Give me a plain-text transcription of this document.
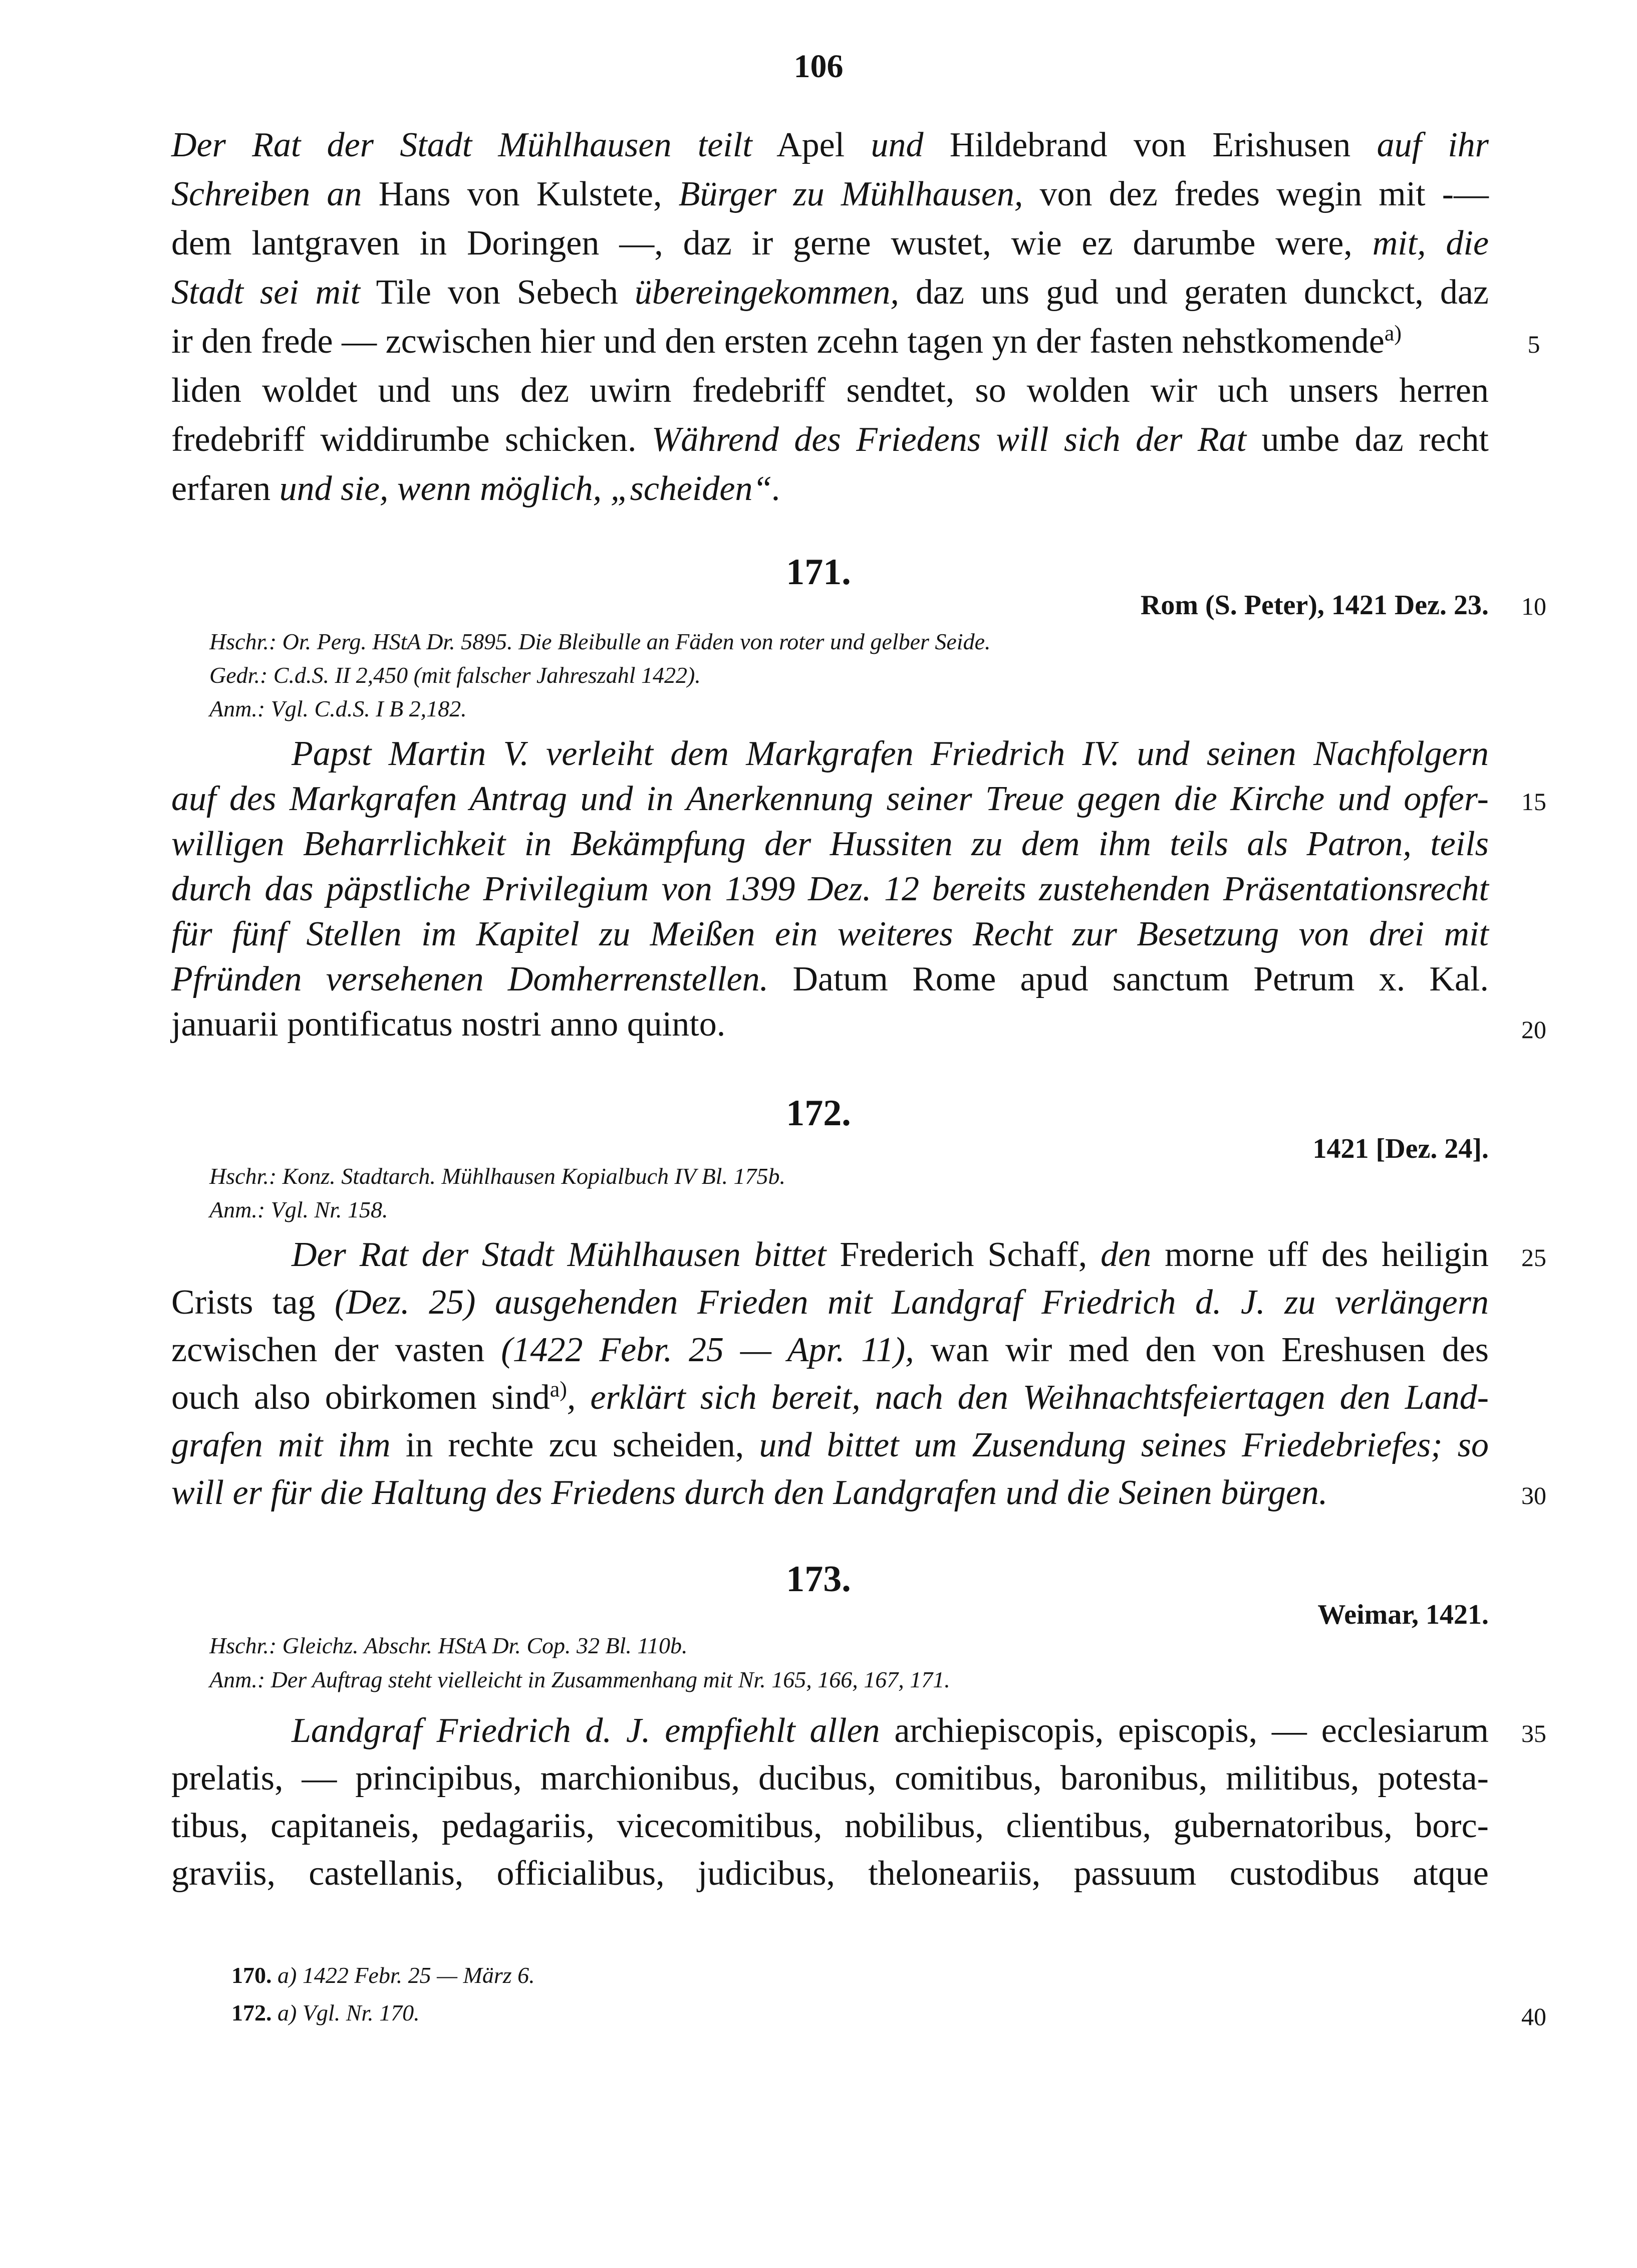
106
Der Rat der Stadt Mühlhausen teilt Apel und Hildebrand von Erishusen auf ihr
Schreiben an Hans von Kulstete, Bürger zu Mühlhausen, von dez fredes wegin mit -—
dem lantgraven in Doringen —, daz ir gerne wustet, wie ez darumbe were, mit, die
Stadt sei mit Tile von Sebech übereingekommen, daz uns gud und geraten dunckct, daz
ir den frede — zcwischen hier und den ersten zcehn tagen yn der fasten nehstkomende$^{a)}$	5
liden woldet und uns dez uwirn fredebriff sendtet, so wolden wir uch unsers herren
fredebriff widdirumbe schicken. Während des Friedens will sich der Rat umbe daz recht
erfaren und sie, wenn möglich, „scheiden“.
171.
Rom (S. Peter), 1421 Dez. 23.	10
Hschr.: Or. Perg. HStA Dr. 5895. Die Bleibulle an Fäden von roter und gelber Seide.
Gedr.: C.d.S. II 2,450 (mit falscher Jahreszahl 1422).
Anm.: Vgl. C.d.S. I B 2,182.
Papst Martin V. verleiht dem Markgrafen Friedrich IV. und seinen Nachfolgern
auf des Markgrafen Antrag und in Anerkennung seiner Treue gegen die Kirche und opfer-	15
willigen Beharrlichkeit in Bekämpfung der Hussiten zu dem ihm teils als Patron, teils
durch das päpstliche Privilegium von 1399 Dez. 12 bereits zustehenden Präsentationsrecht
für fünf Stellen im Kapitel zu Meißen ein weiteres Recht zur Besetzung von drei mit
Pfründen versehenen Domherrenstellen. Datum Rome apud sanctum Petrum x. Kal.
januarii pontificatus nostri anno quinto.	20
172.
1421 [Dez. 24].
Hschr.: Konz. Stadtarch. Mühlhausen Kopialbuch IV Bl. 175b.
Anm.: Vgl. Nr. 158.
Der Rat der Stadt Mühlhausen bittet Frederich Schaff, den morne uff des heiligin	25
Crists tag (Dez. 25) ausgehenden Frieden mit Landgraf Friedrich d. J. zu verlängern
zcwischen der vasten (1422 Febr. 25 — Apr. 11), wan wir med den von Ereshusen des
ouch also obirkomen sind$^{a)}$, erklärt sich bereit, nach den Weihnachtsfeiertagen den Land-
grafen mit ihm in rechte zcu scheiden, und bittet um Zusendung seines Friedebriefes; so
will er für die Haltung des Friedens durch den Landgrafen und die Seinen bürgen.	30
173.
Weimar, 1421.
Hschr.: Gleichz. Abschr. HStA Dr. Cop. 32 Bl. 110b.
Anm.: Der Auftrag steht vielleicht in Zusammenhang mit Nr. 165, 166, 167, 171.
Landgraf Friedrich d. J. empfiehlt allen archiepiscopis, episcopis, — ecclesiarum	35
prelatis, — principibus, marchionibus, ducibus, comitibus, baronibus, militibus, potesta-
tibus, capitaneis, pedagariis, vicecomitibus, nobilibus, clientibus, gubernatoribus, borc-
graviis, castellanis, officialibus, judicibus, theloneariis, passuum custodibus atque
170. a) 1422 Febr. 25 — März 6.
172. a) Vgl. Nr. 170.	40
